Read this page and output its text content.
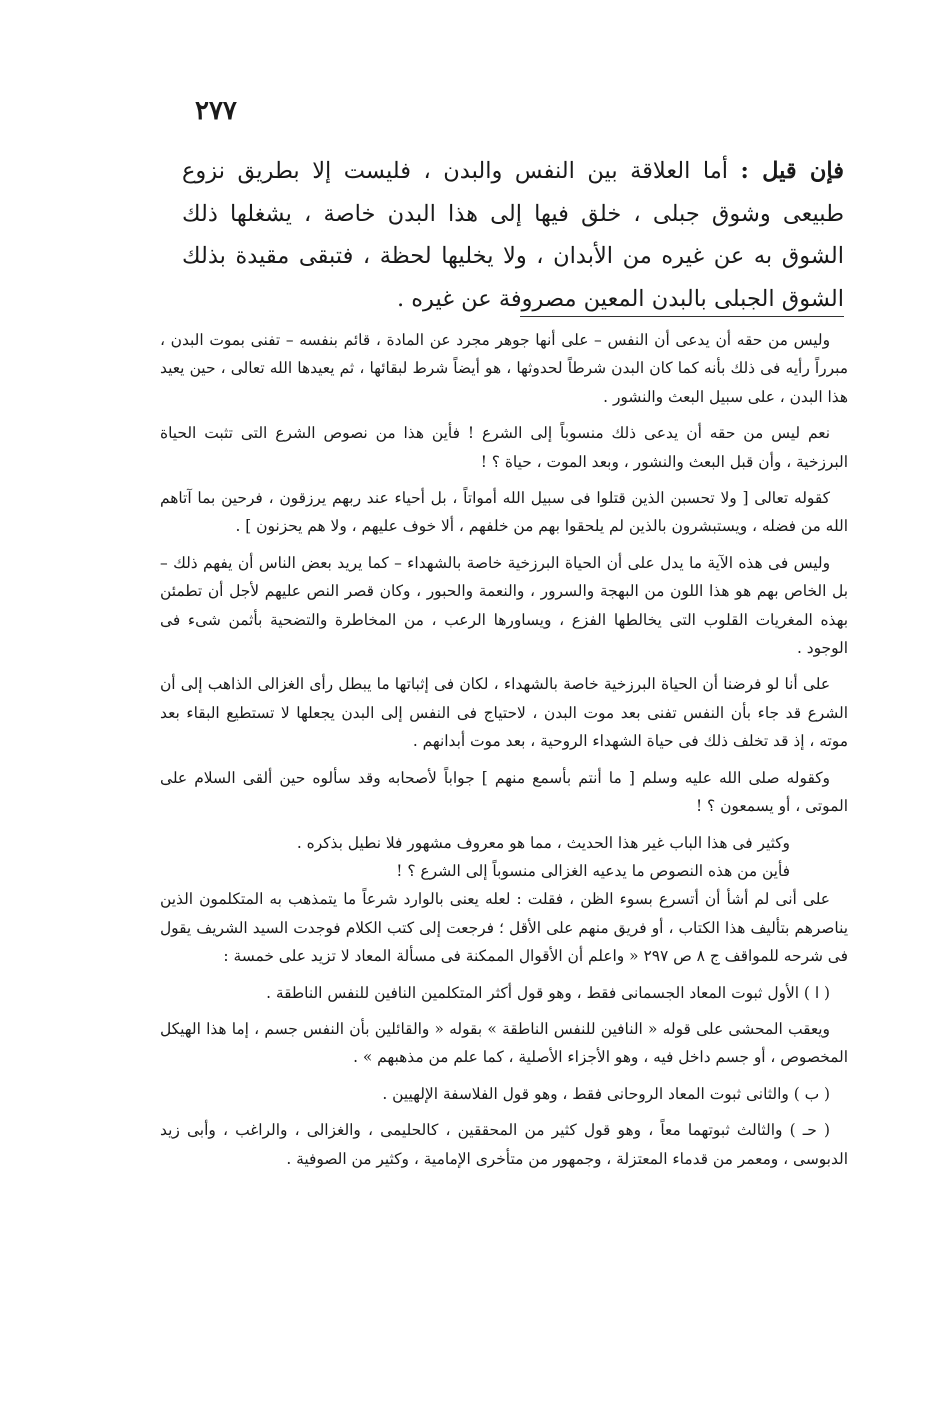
٢٧٧
فإن قيل : أما العلاقة بين النفس والبدن ، فليست إلا بطريق نزوع طبيعى وشوق جبلى ، خلق فيها إلى هذا البدن خاصة ، يشغلها ذلك الشوق به عن غيره من الأبدان ، ولا يخليها لحظة ، فتبقى مقيدة بذلك الشوق الجبلى بالبدن المعين مصروفة عن غيره .

وليس من حقه أن يدعى أن النفس – على أنها جوهر مجرد عن المادة ، قائم بنفسه – تفنى بموت البدن ، مبرراً رأيه فى ذلك بأنه كما كان البدن شرطاً لحدوثها ، هو أيضاً شرط لبقائها ، ثم يعيدها الله تعالى ، حين يعيد هذا البدن ، على سبيل البعث والنشور .

نعم ليس من حقه أن يدعى ذلك منسوباً إلى الشرع ! فأين هذا من نصوص الشرع التى تثبت الحياة البرزخية ، وأن قبل البعث والنشور ، وبعد الموت ، حياة ؟ !

كقوله تعالى [ ولا تحسبن الذين قتلوا فى سبيل الله أمواتاً ، بل أحياء عند ربهم يرزقون ، فرحين بما آتاهم الله من فضله ، ويستبشرون بالذين لم يلحقوا بهم من خلفهم ، ألا خوف عليهم ، ولا هم يحزنون ] .

وليس فى هذه الآية ما يدل على أن الحياة البرزخية خاصة بالشهداء – كما يريد بعض الناس أن يفهم ذلك – بل الخاص بهم هو هذا اللون من البهجة والسرور ، والنعمة والحبور ، وكان قصر النص عليهم لأجل أن تطمئن بهذه المغريات القلوب التى يخالطها الفزع ، ويساورها الرعب ، من المخاطرة والتضحية بأثمن شىء فى الوجود .

على أنا لو فرضنا أن الحياة البرزخية خاصة بالشهداء ، لكان فى إثباتها ما يبطل رأى الغزالى الذاهب إلى أن الشرع قد جاء بأن النفس تفنى بعد موت البدن ، لاحتياج فى النفس إلى البدن يجعلها لا تستطيع البقاء بعد موته ، إذ قد تخلف ذلك فى حياة الشهداء الروحية ، بعد موت أبدانهم .

وكقوله صلى الله عليه وسلم [ ما أنتم بأسمع منهم ] جواباً لأصحابه وقد سألوه حين ألقى السلام على الموتى ، أو يسمعون ؟ !

وكثير فى هذا الباب غير هذا الحديث ، مما هو معروف مشهور فلا نطيل بذكره .

فأين من هذه النصوص ما يدعيه الغزالى منسوباً إلى الشرع ؟ !

على أنى لم أشأ أن أتسرع بسوء الظن ، فقلت : لعله يعنى بالوارد شرعاً ما يتمذهب به المتكلمون الذين يناصرهم بتأليف هذا الكتاب ، أو فريق منهم على الأقل ؛ فرجعت إلى كتب الكلام فوجدت السيد الشريف يقول فى شرحه للمواقف ج ٨ ص ٢٩٧ « واعلم أن الأقوال الممكنة فى مسألة المعاد لا تزيد على خمسة :

( ا ) الأول ثبوت المعاد الجسمانى فقط ، وهو قول أكثر المتكلمين النافين للنفس الناطقة .

ويعقب المحشى على قوله « النافين للنفس الناطقة » بقوله « والقائلين بأن النفس جسم ، إما هذا الهيكل المخصوص ، أو جسم داخل فيه ، وهو الأجزاء الأصلية ، كما علم من مذهبهم » .

( ب ) والثانى ثبوت المعاد الروحانى فقط ، وهو قول الفلاسفة الإلهيين .

( حـ ) والثالث ثبوتهما معاً ، وهو قول كثير من المحققين ، كالحليمى ، والغزالى ، والراغب ، وأبى زيد الدبوسى ، ومعمر من قدماء المعتزلة ، وجمهور من متأخرى الإمامية ، وكثير من الصوفية .
